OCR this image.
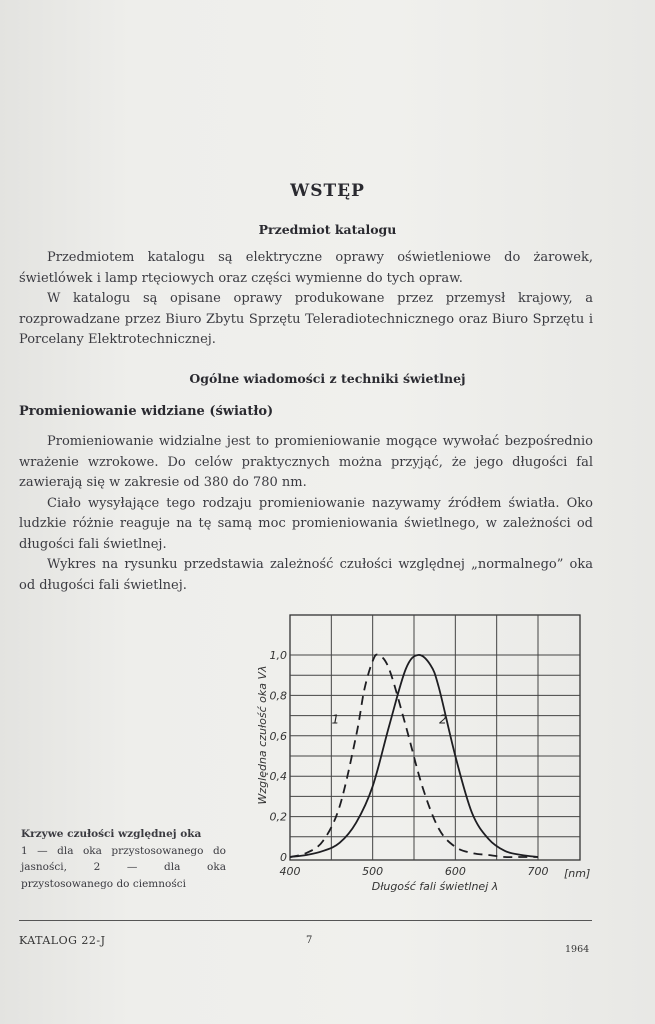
WSTĘP
Przedmiot katalogu

Przedmiotem katalogu są elektryczne oprawy oświetleniowe do żarowek, świetlówek i lamp rtęciowych oraz części wymienne do tych opraw.

W katalogu są opisane oprawy produkowane przez przemysł krajowy, a rozprowadzane przez Biuro Zbytu Sprzętu Teleradiotechnicznego oraz Biuro Sprzętu i Porcelany Elektrotechnicznej.

Ogólne wiadomości z techniki świetlnej
Promieniowanie widziane (światło)

Promieniowanie widzialne jest to promieniowanie mogące wywołać bezpośrednio wrażenie wzrokowe. Do celów praktycznych można przyjąć, że jego długości fal zawierają się w zakresie od 380 do 780 nm.

Ciało wysyłające tego rodzaju promieniowanie nazywamy źródłem światła. Oko ludzkie różnie reaguje na tę samą moc promieniowania świetlnego, w zależności od długości fali świetlnej.

Wykres na rysunku przedstawia zależność czułości względnej „normalnego” oka od długości fali świetlnej.

0
0,2
0,4
0,6
0,8
1,0
400	500	600	700 [nm]
1	2
Długość fali świetlnej λ
Względna czułość oka Vλ
Krzywe czułości względnej oka
1 — dla oka przystosowanego do jasności, 2 — dla oka przystosowanego do ciemności
KATALOG 22-J	7
1964
